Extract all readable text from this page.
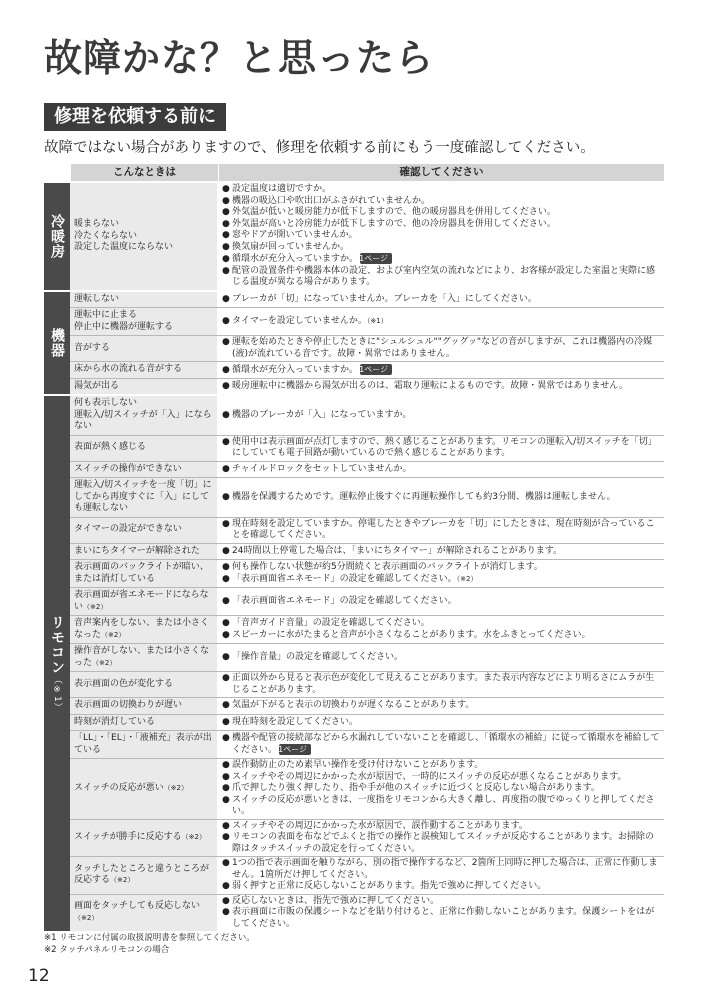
故障かな？と思ったら
修理を依頼する前に
故障ではない場合がありますので、修理を依頼する前にもう一度確認してください。
こんなときは	確認してください
冷暖房 暖まらない
冷たくならない
設定した温度にならない
● 設定温度は適切ですか。
● 機器の吸込口や吹出口がふさがれていませんか。
● 外気温が低いと暖房能力が低下しますので、他の暖房器具を併用してください。
● 外気温が高いと冷房能力が低下しますので、他の冷房器具を併用してください。
● 窓やドアが開いていませんか。
● 換気扇が回っていませんか。
● 循環水が充分入っていますか。11ページ
● 配管の設置条件や機器本体の設定、および室内空気の流れなどにより、お客様が設定した室温と実際に感じる温度が異なる場合があります。
機器
運転しない	● ブレーカが「切」になっていませんか。ブレーカを「入」にしてください。
運転中に止まる
停止中に機器が運転する
● タイマーを設定していませんか。（※1）
音がする
● 運転を始めたときや停止したときに"シュルシュル""グッグッ"などの音がしますが、これは機器内の冷媒(液)が流れている音です。故障・異常ではありません。
床から水の流れる音がする	● 循環水が充分入っていますか。11ページ
湯気が出る	● 暖房運転中に機器から湯気が出るのは、霜取り運転によるものです。故障・異常ではありません。
リモコン（※1）
何も表示しない
運転入/切スイッチが「入」にならない
● 機器のブレーカが「入」になっていますか。
表面が熱く感じる
● 使用中は表示画面が点灯しますので、熱く感じることがあります。リモコンの運転入/切スイッチを「切」にしていても電子回路が動いているので熱く感じることがあります。
スイッチの操作ができない	● チャイルドロックをセットしていませんか。
運転入/切スイッチを一度「切」にしてから再度すぐに「入」にしても運転しない
● 機器を保護するためです。運転停止後すぐに再運転操作しても約3分間、機器は運転しません。
タイマーの設定ができない
● 現在時刻を設定していますか。停電したときやブレーカを「切」にしたときは、現在時刻が合っていることを確認してください。
まいにちタイマーが解除された	● 24時間以上停電した場合は、「まいにちタイマー」が解除されることがあります。
表示画面のバックライトが暗い、または消灯している
● 何も操作しない状態が約5分間続くと表示画面のバックライトが消灯します。
● 「表示画面省エネモード」の設定を確認してください。（※2）
表示画面が省エネモードにならない（※2）
● 「表示画面省エネモード」の設定を確認してください。
音声案内をしない、または小さくなった（※2）
● 「音声ガイド音量」の設定を確認してください。
● スピーカーに水がたまると音声が小さくなることがあります。水をふきとってください。
操作音がしない、または小さくなった（※2）
● 「操作音量」の設定を確認してください。
表示画面の色が変化する
● 正面以外から見ると表示色が変化して見えることがあります。また表示内容などにより明るさにムラが生じることがあります。
表示画面の切換わりが遅い	● 気温が下がると表示の切換わりが遅くなることがあります。
時刻が消灯している	● 現在時刻を設定してください。
「LL」・「EL」・「液補充」表示が出ている
● 機器や配管の接続部などから水漏れしていないことを確認し、「循環水の補給」に従って循環水を補給してください。11ページ
スイッチの反応が悪い（※2）
● 誤作動防止のため素早い操作を受け付けないことがあります。
● スイッチやその周辺にかかった水が原因で、一時的にスイッチの反応が悪くなることがあります。
● 爪で押したり強く押したり、指や手が他のスイッチに近づくと反応しない場合があります。
● スイッチの反応が悪いときは、一度指をリモコンから大きく離し、再度指の腹でゆっくりと押してください。
スイッチが勝手に反応する（※2）
● スイッチやその周辺にかかった水が原因で、誤作動することがあります。
● リモコンの表面を布などでふくと指での操作と誤検知してスイッチが反応することがあります。お掃除の際はタッチスイッチの設定を行ってください。
タッチしたところと違うところが反応する（※2）
● 1つの指で表示画面を触りながら、別の指で操作するなど、2箇所上同時に押した場合は、正常に作動しません。1箇所だけ押してください。
● 弱く押すと正常に反応しないことがあります。指先で強めに押してください。
画面をタッチしても反応しない（※2）
● 反応しないときは、指先で強めに押してください。
● 表示画面に市販の保護シートなどを貼り付けると、正常に作動しないことがあります。保護シートをはがしてください。
※1 リモコンに付属の取扱説明書を参照してください。
※2 タッチパネルリモコンの場合
12
